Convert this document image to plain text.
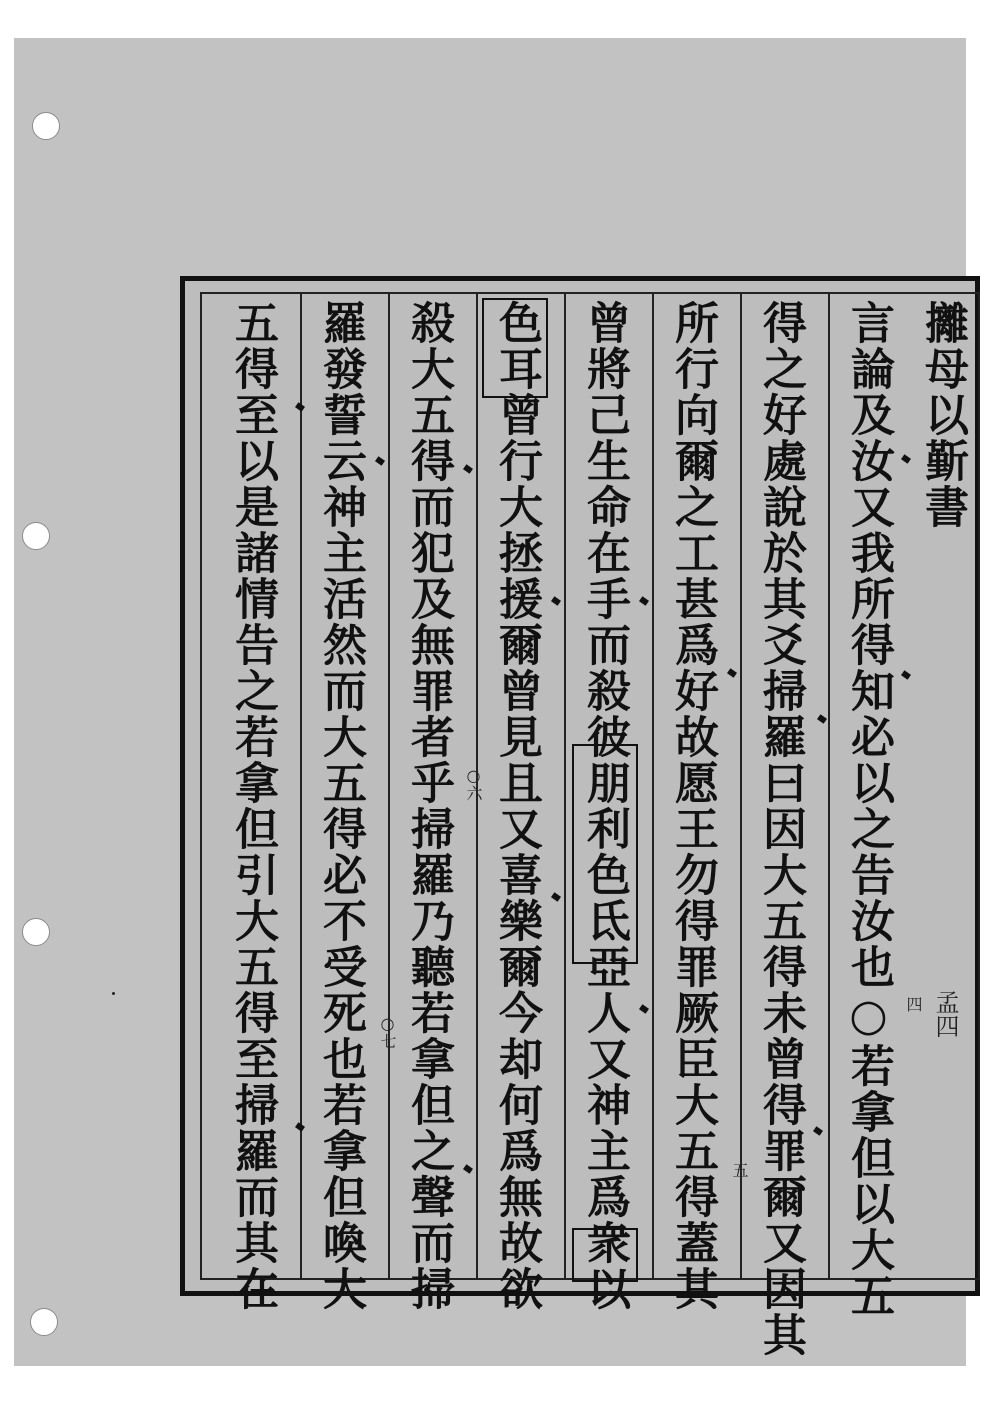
攡母以斳書
言論及汝又我所得知必以之告汝也○若拿但以大五
得之好處說於其爻掃羅曰因大五得未曾得罪爾又因其
所行向爾之工甚爲好故愿王勿得罪厥臣大五得蓋其
曾將己生命在手而殺彼朋利色氐亞人又神主爲衆以
色耳曾行大拯援爾曾見且又喜樂爾今却何爲無故欲
殺大五得而犯及無罪者乎掃羅乃聽若拿但之聲而掃
羅發誓云神主活然而大五得必不受死也若拿但喚大
五得至以是諸情告之若拿但引大五得至掃羅而其在	五
○六
○七
四 孟四
